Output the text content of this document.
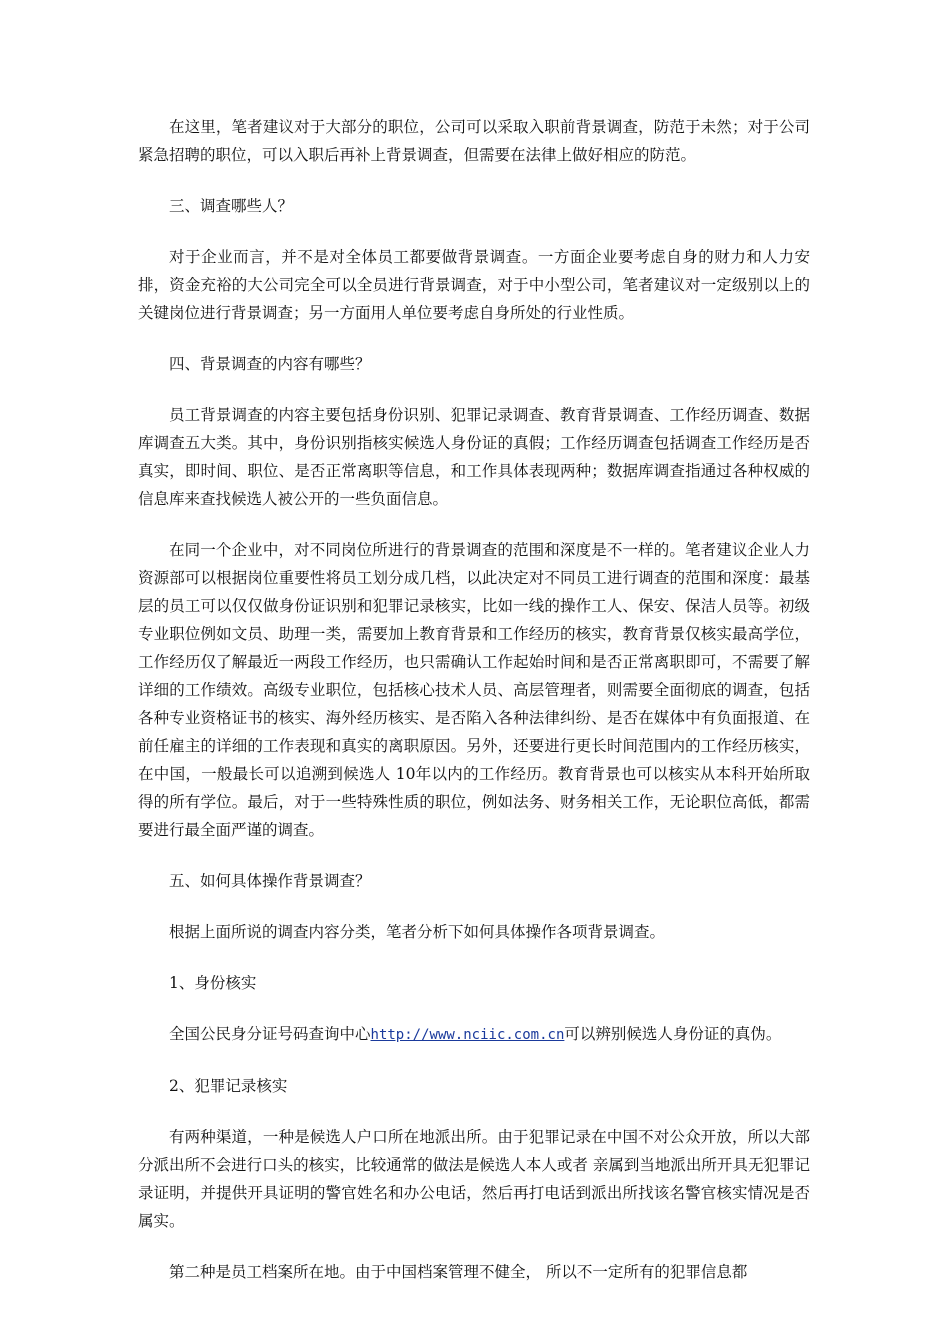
在这里，笔者建议对于大部分的职位，公司可以采取入职前背景调查，防范于未然；对于公司紧急招聘的职位，可以入职后再补上背景调查，但需要在法律上做好相应的防范。

三、调查哪些人？

对于企业而言，并不是对全体员工都要做背景调查。一方面企业要考虑自身的财力和人力安排，资金充裕的大公司完全可以全员进行背景调查，对于中小型公司，笔者建议对一定级别以上的关键岗位进行背景调查；另一方面用人单位要考虑自身所处的行业性质。

四、背景调查的内容有哪些？

员工背景调查的内容主要包括身份识别、犯罪记录调查、教育背景调查、工作经历调查、数据库调查五大类。其中，身份识别指核实候选人身份证的真假；工作经历调查包括调查工作经历是否真实，即时间、职位、是否正常离职等信息，和工作具体表现两种；数据库调查指通过各种权威的信息库来查找候选人被公开的一些负面信息。

在同一个企业中，对不同岗位所进行的背景调查的范围和深度是不一样的。笔者建议企业人力资源部可以根据岗位重要性将员工划分成几档，以此决定对不同员工进行调查的范围和深度：最基层的员工可以仅仅做身份证识别和犯罪记录核实，比如一线的操作工人、保安、保洁人员等。初级专业职位例如文员、助理一类，需要加上教育背景和工作经历的核实，教育背景仅核实最高学位，工作经历仅了解最近一两段工作经历，也只需确认工作起始时间和是否正常离职即可，不需要了解详细的工作绩效。高级专业职位，包括核心技术人员、高层管理者，则需要全面彻底的调查，包括各种专业资格证书的核实、海外经历核实、是否陷入各种法律纠纷、是否在媒体中有负面报道、在前任雇主的详细的工作表现和真实的离职原因。另外，还要进行更长时间范围内的工作经历核实，在中国，一般最长可以追溯到候选人 10年以内的工作经历。教育背景也可以核实从本科开始所取得的所有学位。最后，对于一些特殊性质的职位，例如法务、财务相关工作，无论职位高低，都需要进行最全面严谨的调查。

五、如何具体操作背景调查？

根据上面所说的调查内容分类，笔者分析下如何具体操作各项背景调查。

1、身份核实

全国公民身分证号码查询中心http://www.nciic.com.cn可以辨别候选人身份证的真伪。

2、犯罪记录核实

有两种渠道，一种是候选人户口所在地派出所。由于犯罪记录在中国不对公众开放，所以大部分派出所不会进行口头的核实，比较通常的做法是候选人本人或者 亲属到当地派出所开具无犯罪记录证明，并提供开具证明的警官姓名和办公电话，然后再打电话到派出所找该名警官核实情况是否属实。

第二种是员工档案所在地。由于中国档案管理不健全， 所以不一定所有的犯罪信息都
